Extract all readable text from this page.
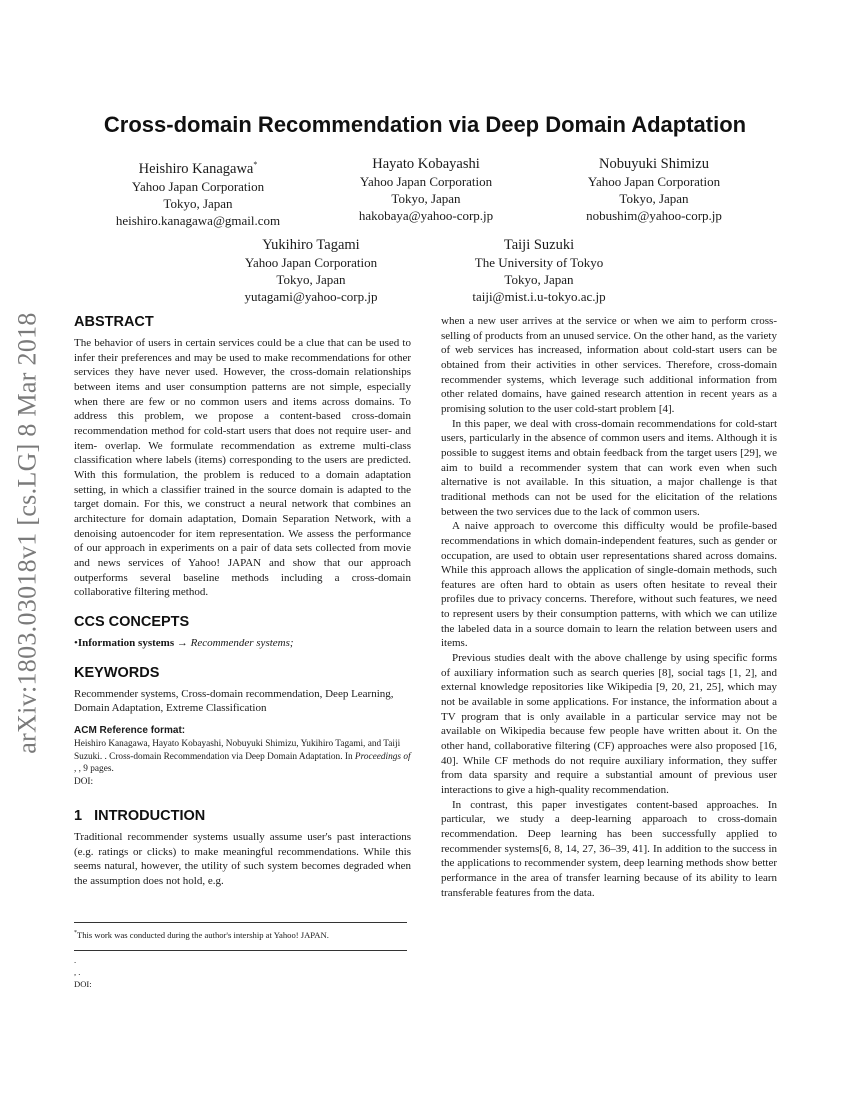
arXiv:1803.03018v1 [cs.LG] 8 Mar 2018
Cross-domain Recommendation via Deep Domain Adaptation
Heishiro Kanagawa*
Yahoo Japan Corporation
Tokyo, Japan
heishiro.kanagawa@gmail.com
Hayato Kobayashi
Yahoo Japan Corporation
Tokyo, Japan
hakobaya@yahoo-corp.jp
Nobuyuki Shimizu
Yahoo Japan Corporation
Tokyo, Japan
nobushim@yahoo-corp.jp
Yukihiro Tagami
Yahoo Japan Corporation
Tokyo, Japan
yutagami@yahoo-corp.jp
Taiji Suzuki
The University of Tokyo
Tokyo, Japan
taiji@mist.i.u-tokyo.ac.jp
ABSTRACT

The behavior of users in certain services could be a clue that can be used to infer their preferences and may be used to make recommendations for other services they have never used. However, the cross-domain relationships between items and user consumption patterns are not simple, especially when there are few or no common users and items across domains. To address this problem, we propose a content-based cross-domain recommendation method for cold-start users that does not require user- and item- overlap. We formulate recommendation as extreme multi-class classification where labels (items) corresponding to the users are predicted. With this formulation, the problem is reduced to a domain adaptation setting, in which a classifier trained in the source domain is adapted to the target domain. For this, we construct a neural network that combines an architecture for domain adaptation, Domain Separation Network, with a denoising autoencoder for item representation. We assess the performance of our approach in experiments on a pair of data sets collected from movie and news services of Yahoo! JAPAN and show that our approach outperforms several baseline methods including a cross-domain collaborative filtering method.

CCS CONCEPTS
•Information systems → Recommender systems;
KEYWORDS

Recommender systems, Cross-domain recommendation, Deep Learning, Domain Adaptation, Extreme Classification

ACM Reference format:

Heishiro Kanagawa, Hayato Kobayashi, Nobuyuki Shimizu, Yukihiro Tagami, and Taiji Suzuki. . Cross-domain Recommendation via Deep Domain Adaptation. In Proceedings of , , 9 pages.

DOI:

1 INTRODUCTION

Traditional recommender systems usually assume user's past interactions (e.g. ratings or clicks) to make meaningful recommendations. While this seems natural, however, the utility of such system becomes degraded when the assumption does not hold, e.g.

*This work was conducted during the author's intership at Yahoo! JAPAN.

.

, .

DOI:

when a new user arrives at the service or when we aim to perform cross-selling of products from an unused service. On the other hand, as the variety of web services has increased, information about cold-start users can be obtained from their activities in other services. Therefore, cross-domain recommender systems, which leverage such additional information from other related domains, have gained research attention in recent years as a promising solution to the user cold-start problem [4].

In this paper, we deal with cross-domain recommendations for cold-start users, particularly in the absence of common users and items. Although it is possible to suggest items and obtain feedback from the target users [29], we aim to build a recommender system that can work even when such alternative is not available. In this situation, a major challenge is that traditional methods can not be used for the elicitation of the relations between the two services due to the lack of common users.

A naive approach to overcome this difficulty would be profile-based recommendations in which domain-independent features, such as gender or occupation, are used to obtain user representations shared across domains. While this approach allows the application of single-domain methods, such features are often hard to obtain as users often hesitate to reveal their profiles due to privacy concerns. Therefore, without such features, we need to represent users by their consumption patterns, with which we can utilize the labeled data in a source domain to learn the relation between users and items.

Previous studies dealt with the above challenge by using specific forms of auxiliary information such as search queries [8], social tags [1, 2], and external knowledge repositories like Wikipedia [9, 20, 21, 25], which may not be available in some applications. For instance, the information about a TV program that is only available in a particular service may not be available on Wikipedia because few people have written about it. On the other hand, collaborative filtering (CF) approaches were also proposed [16, 40]. While CF methods do not require auxiliary information, they suffer from data sparsity and require a substantial amount of previous user interactions to give a high-quality recommendation.

In contrast, this paper investigates content-based approaches. In particular, we study a deep-learning apparoach to cross-domain recommendation. Deep learning has been successfully applied to recommender systems[6, 8, 14, 27, 36–39, 41]. In addition to the success in the applications to recommender system, deep learning methods show better performance in the area of transfer learning because of its ability to learn transferable features from the data.
